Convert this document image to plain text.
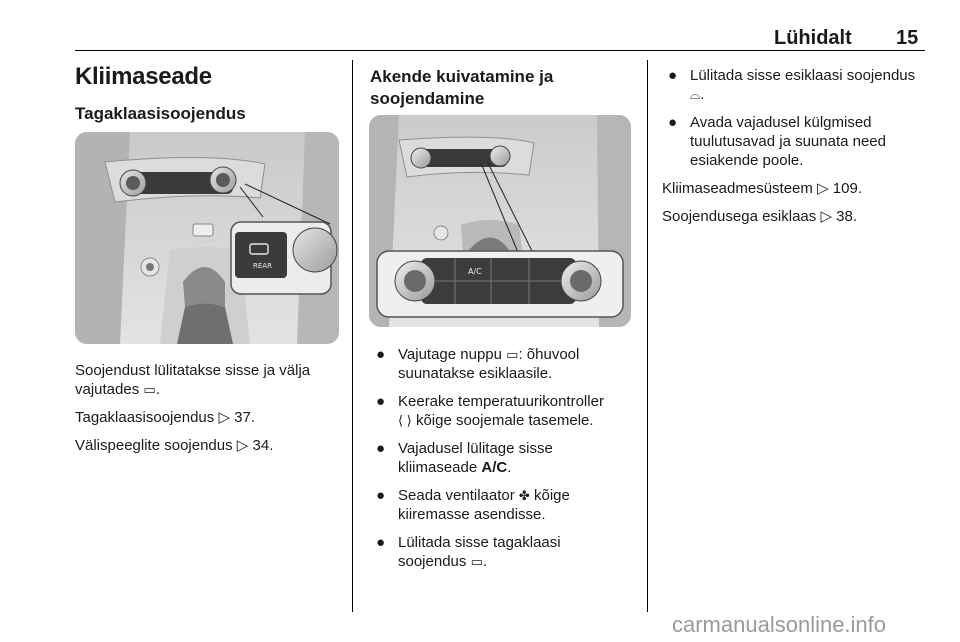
Lühidalt 15
Kliimaseade
Tagaklaasisoojendus
REAR

Soojendust lülitatakse sisse ja välja vajutades ▭.

Tagaklaasisoojendus ▷ 37.

Välispeeglite soojendus ▷ 34.

Akende kuivatamine ja soojendamine
A/C
● Vajutage nuppu ▭: õhuvool suunatakse esiklaasile.
● Keerake temperatuurikontroller
⟨ ⟩ kõige soojemale tasemele.
● Vajadusel lülitage sisse kliimaseade A/C.
● Seada ventilaator ✤ kõige kiiremasse asendisse.
● Lülitada sisse tagaklaasi soojendus ▭.
● Lülitada sisse esiklaasi soojendus ⌓.
● Avada vajadusel külgmised tuulutusavad ja suunata need esiakende poole.

Kliimaseadmesüsteem ▷ 109.

Soojendusega esiklaas ▷ 38.

carmanualsonline.info
